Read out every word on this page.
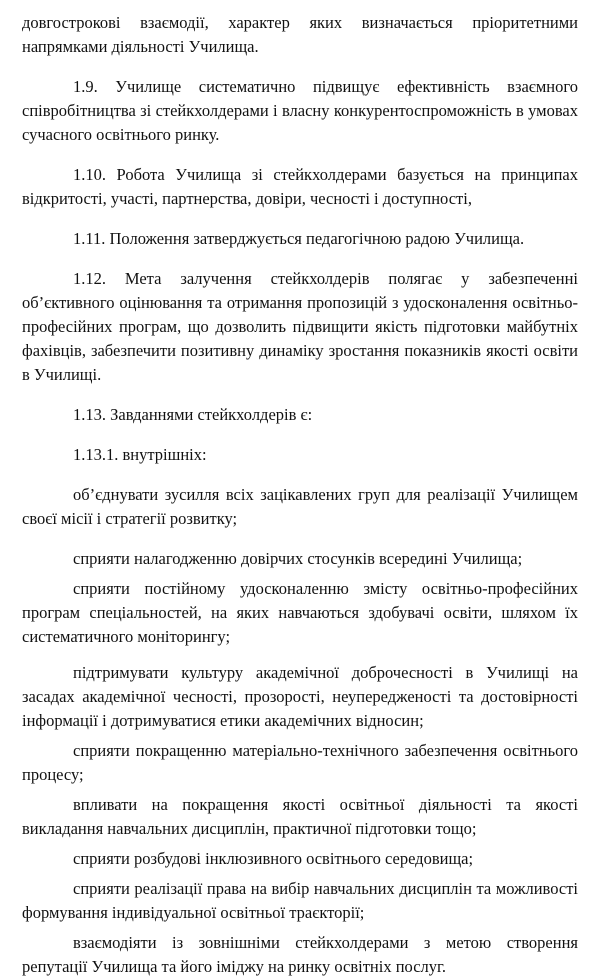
довгострокові взаємодії, характер яких визначається пріоритетними напрямками діяльності Училища.

1.9. Училище систематично підвищує ефективність взаємного співробітництва зі стейкхолдерами і власну конкурентоспроможність в умовах сучасного освітнього ринку.

1.10. Робота Училища зі стейкхолдерами базується на принципах відкритості, участі, партнерства, довіри, чесності і доступності,

1.11. Положення затверджується педагогічною радою Училища.

1.12. Мета залучення стейкхолдерів полягає у забезпеченні об’єктивного оцінювання та отримання пропозицій з удосконалення освітньо-професійних програм, що дозволить підвищити якість підготовки майбутніх фахівців, забезпечити позитивну динаміку зростання показників якості освіти в Училищі.

1.13. Завданнями стейкхолдерів є:

1.13.1. внутрішніх:

об’єднувати зусилля всіх зацікавлених груп для реалізації Училищем своєї місії і стратегії розвитку;

сприяти налагодженню довірчих стосунків всередині Училища;

сприяти постійному удосконаленню змісту освітньо-професійних програм спеціальностей, на яких навчаються здобувачі освіти, шляхом їх систематичного моніторингу;

підтримувати культуру академічної доброчесності в Училищі на засадах академічної чесності, прозорості, неупередженості та достовірності інформації і дотримуватися етики академічних відносин;

сприяти покращенню матеріально-технічного забезпечення освітнього процесу;

впливати на покращення якості освітньої діяльності та якості викладання навчальних дисциплін, практичної підготовки тощо;

сприяти розбудові інклюзивного освітнього середовища;

сприяти реалізації права на вибір навчальних дисциплін та можливості формування індивідуальної освітньої траєкторії;

взаємодіяти із зовнішніми стейкхолдерами з метою створення репутації Училища та його іміджу на ринку освітніх послуг.
